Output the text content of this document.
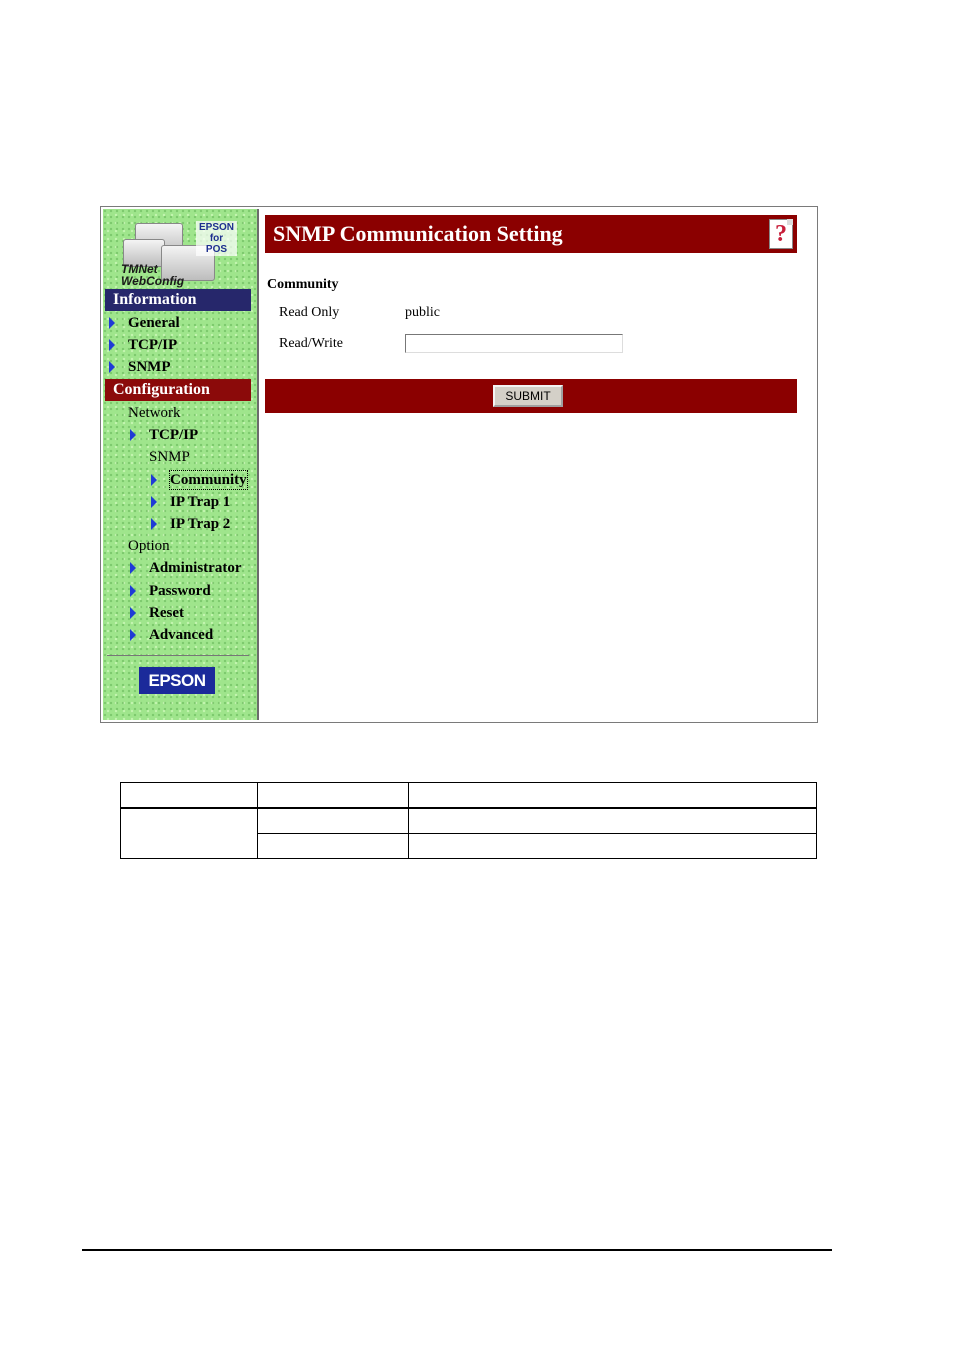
EPSON
for
POS
TMNet
WebConfig
Information
General
TCP/IP
SNMP
Configuration
Network
TCP/IP
SNMP
Community
IP Trap 1
IP Trap 2
Option
Administrator
Password
Reset
Advanced
EPSON
SNMP Communication Setting	?
Community
Read Only	public
Read/Write
SUBMIT
